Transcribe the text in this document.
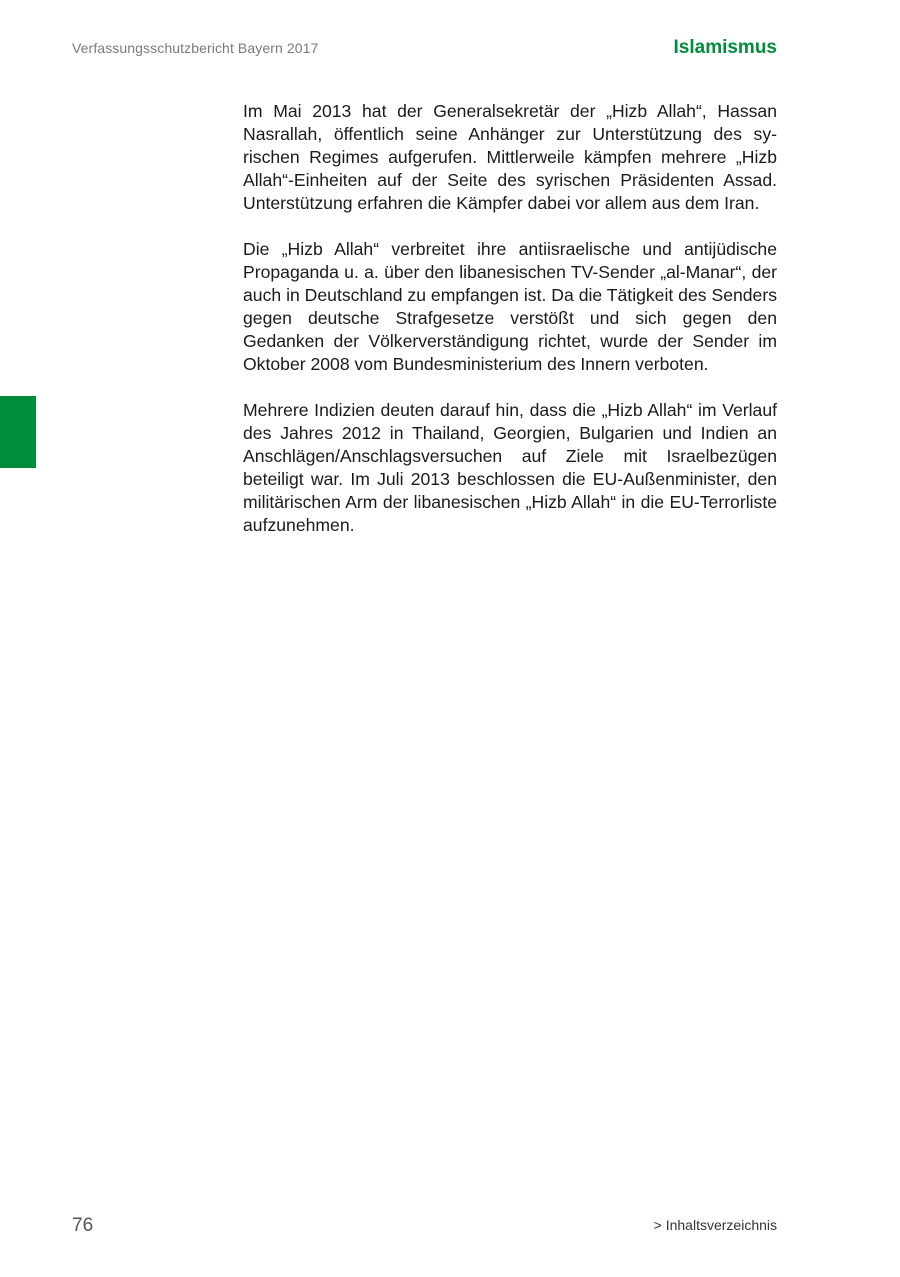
Verfassungsschutzbericht Bayern 2017	Islamismus

Im Mai 2013 hat der Generalsekretär der „Hizb Allah“, Hassan Nasrallah, öffentlich seine Anhänger zur Unterstützung des syrischen Regimes aufgerufen. Mittlerweile kämpfen mehrere „Hizb Allah“-Einheiten auf der Seite des syrischen Präsidenten Assad. Unterstützung erfahren die Kämpfer dabei vor allem aus dem Iran.

Die „Hizb Allah“ verbreitet ihre antiisraelische und antijüdische Propaganda u. a. über den libanesischen TV-Sender „al-Manar“, der auch in Deutschland zu empfangen ist. Da die Tätigkeit des Senders gegen deutsche Strafgesetze verstößt und sich gegen den Gedanken der Völkerverständigung richtet, wurde der Sender im Oktober 2008 vom Bundesministerium des Innern verboten.

Mehrere Indizien deuten darauf hin, dass die „Hizb Allah“ im Verlauf des Jahres 2012 in Thailand, Georgien, Bulgarien und Indien an Anschlägen/Anschlagsversuchen auf Ziele mit Israelbezügen beteiligt war. Im Juli 2013 beschlossen die EU-Außenminister, den militärischen Arm der libanesischen „Hizb Allah“ in die EU-Terrorliste aufzunehmen.

76	> Inhaltsverzeichnis
